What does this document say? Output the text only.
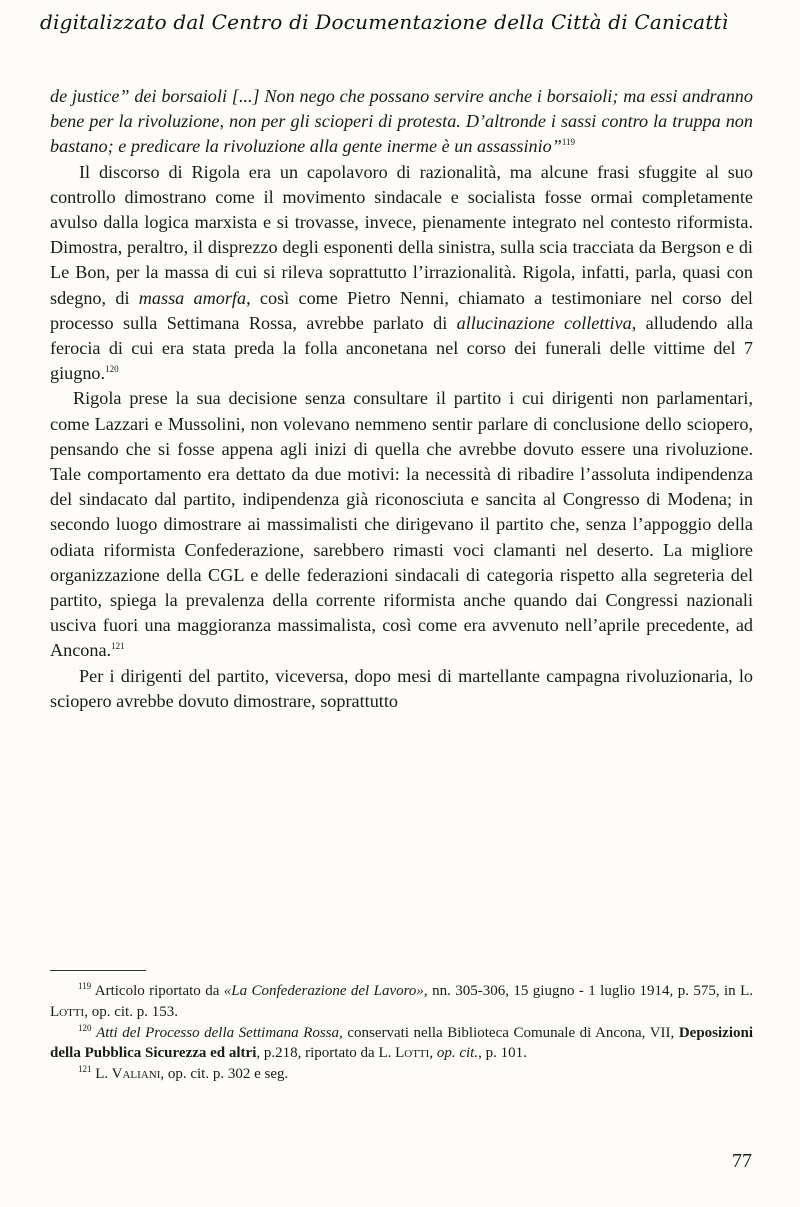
digitalizzato dal Centro di Documentazione della Città di Canicattì

de justice” dei borsaioli [...] Non nego che possano servire anche i borsaioli; ma essi andranno bene per la rivoluzione, non per gli scioperi di protesta. D’altronde i sassi contro la truppa non bastano; e predicare la rivoluzione alla gente inerme è un assassinio”$^{119}$

Il discorso di Rigola era un capolavoro di razionalità, ma alcune frasi sfuggite al suo controllo dimostrano come il movimento sindacale e socialista fosse ormai completamente avulso dalla logica marxista e si trovasse, invece, pienamente integrato nel contesto riformista. Dimostra, peraltro, il disprezzo degli esponenti della sinistra, sulla scia tracciata da Bergson e di Le Bon, per la massa di cui si rileva soprattutto l’irrazionalità. Rigola, infatti, parla, quasi con sdegno, di massa amorfa, così come Pietro Nenni, chiamato a testimoniare nel corso del processo sulla Settimana Rossa, avrebbe parlato di allucinazione collettiva, alludendo alla ferocia di cui era stata preda la folla anconetana nel corso dei funerali delle vittime del 7 giugno.$^{120}$

Rigola prese la sua decisione senza consultare il partito i cui dirigenti non parlamentari, come Lazzari e Mussolini, non volevano nemmeno sentir parlare di conclusione dello sciopero, pensando che si fosse appena agli inizi di quella che avrebbe dovuto essere una rivoluzione. Tale comportamento era dettato da due motivi: la necessità di ribadire l’assoluta indipendenza del sindacato dal partito, indipendenza già riconosciuta e sancita al Congresso di Modena; in secondo luogo dimostrare ai massimalisti che dirigevano il partito che, senza l’appoggio della odiata riformista Confederazione, sarebbero rimasti voci clamanti nel deserto. La migliore organizzazione della CGL e delle federazioni sindacali di categoria rispetto alla segreteria del partito, spiega la prevalenza della corrente riformista anche quando dai Congressi nazionali usciva fuori una maggioranza massimalista, così come era avvenuto nell’aprile precedente, ad Ancona.$^{121}$

Per i dirigenti del partito, viceversa, dopo mesi di martellante campagna rivoluzionaria, lo sciopero avrebbe dovuto dimostrare, soprattutto

$^{119}$ Articolo riportato da «La Confederazione del Lavoro», nn. 305-306, 15 giugno - 1 luglio 1914, p. 575, in L. Lotti, op. cit. p. 153.

$^{120}$ Atti del Processo della Settimana Rossa, conservati nella Biblioteca Comunale di Ancona, VII, Deposizioni della Pubblica Sicurezza ed altri, p.218, riportato da L. Lotti, op. cit., p. 101.

$^{121}$ L. Valiani, op. cit. p. 302 e seg.

77
